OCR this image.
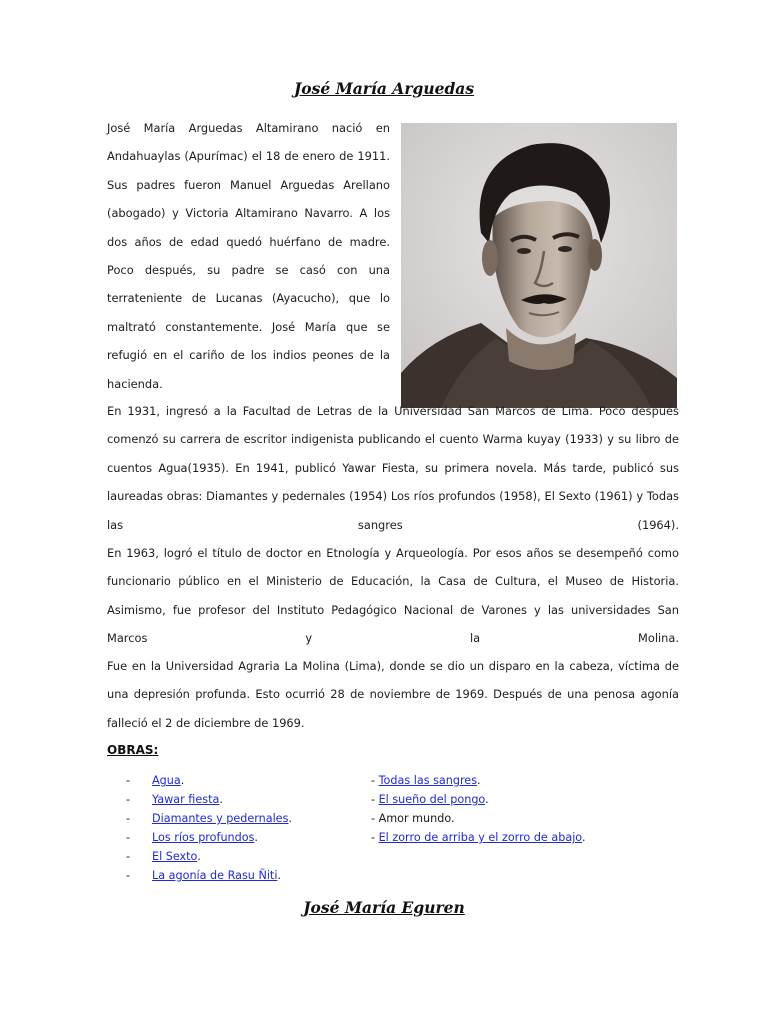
José María Arguedas

José María Arguedas Altamirano nació en Andahuaylas (Apurímac) el 18 de enero de 1911. Sus padres fueron Manuel Arguedas Arellano (abogado) y Victoria Altamirano Navarro. A los dos años de edad quedó huérfano de madre. Poco después, su padre se casó con una terrateniente de Lucanas (Ayacucho), que lo maltrató constantemente. José María que se refugió en el cariño de los indios peones de la hacienda.

En 1931, ingresó a la Facultad de Letras de la Universidad San Marcos de Lima. Poco después comenzó su carrera de escritor indigenista publicando el cuento Warma kuyay (1933) y su libro de cuentos Agua(1935). En 1941, publicó Yawar Fiesta, su primera novela. Más tarde, publicó sus laureadas obras: Diamantes y pedernales (1954) Los ríos profundos (1958), El Sexto (1961) y Todas las sangres (1964).

En 1963, logró el título de doctor en Etnología y Arqueología. Por esos años se desempeñó como funcionario público en el Ministerio de Educación, la Casa de Cultura, el Museo de Historia. Asimismo, fue profesor del Instituto Pedagógico Nacional de Varones y las universidades San Marcos y la Molina.

Fue en la Universidad Agraria La Molina (Lima), donde se dio un disparo en la cabeza, víctima de una depresión profunda. Esto ocurrió 28 de noviembre de 1969. Después de una penosa agonía falleció el 2 de diciembre de 1969.

OBRAS:
- Agua.
- Yawar fiesta.
- Diamantes y pedernales.
- Los ríos profundos.
- El Sexto.
- La agonía de Rasu Ñiti.
- Todas las sangres.
- El sueño del pongo.
- Amor mundo.
- El zorro de arriba y el zorro de abajo.
José María Eguren
